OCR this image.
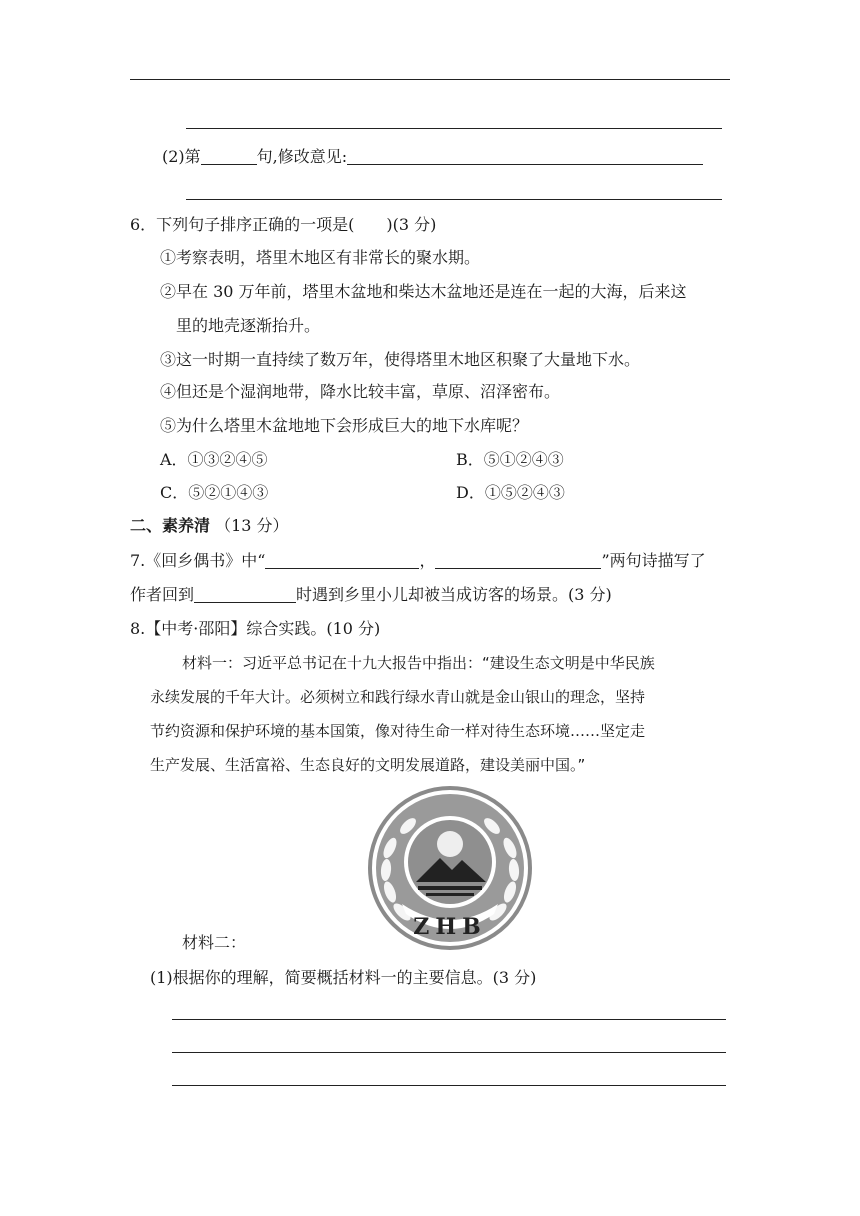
(2)第	句,修改意见:
6．下列句子排序正确的一项是(　　)(3 分)
①考察表明，塔里木地区有非常长的聚水期。
②早在 30 万年前，塔里木盆地和柴达木盆地还是连在一起的大海，后来这
里的地壳逐渐抬升。
③这一时期一直持续了数万年，使得塔里木地区积聚了大量地下水。
④但还是个湿润地带，降水比较丰富，草原、沼泽密布。
⑤为什么塔里木盆地地下会形成巨大的地下水库呢？
A．①③②④⑤	B．⑤①②④③
C．⑤②①④③	D．①⑤②④③
二、素养清 （13 分）
7.《回乡偶书》中“	，	”两句诗描写了
作者回到	时遇到乡里小儿却被当成访客的场景。(3 分)
8.【中考·邵阳】综合实践。(10 分)
材料一：习近平总书记在十九大报告中指出：“建设生态文明是中华民族
永续发展的千年大计。必须树立和践行绿水青山就是金山银山的理念，坚持
节约资源和保护环境的基本国策，像对待生命一样对待生态环境……坚定走
生产发展、生活富裕、生态良好的文明发展道路，建设美丽中国。”
ZHB
材料二：
(1)根据你的理解，简要概括材料一的主要信息。(3 分)
